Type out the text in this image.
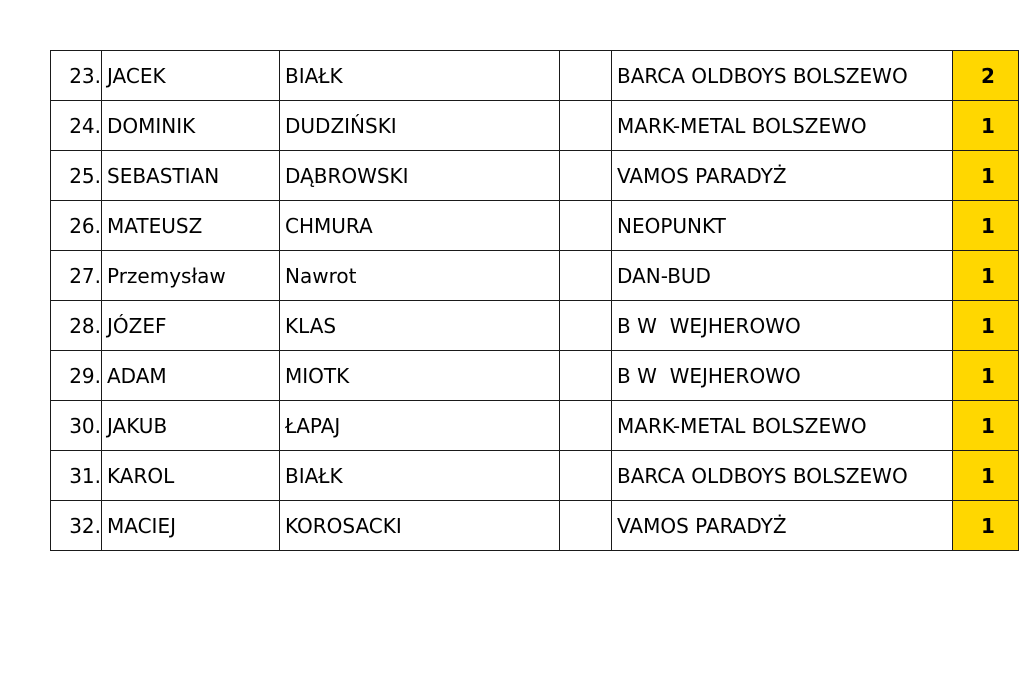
23.	JACEK	BIAŁK		BARCA OLDBOYS BOLSZEWO	2
24.	DOMINIK	DUDZIŃSKI		MARK-METAL BOLSZEWO	1
25.	SEBASTIAN	DĄBROWSKI		VAMOS PARADYŻ	1
26.	MATEUSZ	CHMURA		NEOPUNKT	1
27.	Przemysław	Nawrot		DAN-BUD	1
28.	JÓZEF	KLAS		B W  WEJHEROWO	1
29.	ADAM	MIOTK		B W  WEJHEROWO	1
30.	JAKUB	ŁAPAJ		MARK-METAL BOLSZEWO	1
31.	KAROL	BIAŁK		BARCA OLDBOYS BOLSZEWO	1
32.	MACIEJ	KOROSACKI		VAMOS PARADYŻ	1
